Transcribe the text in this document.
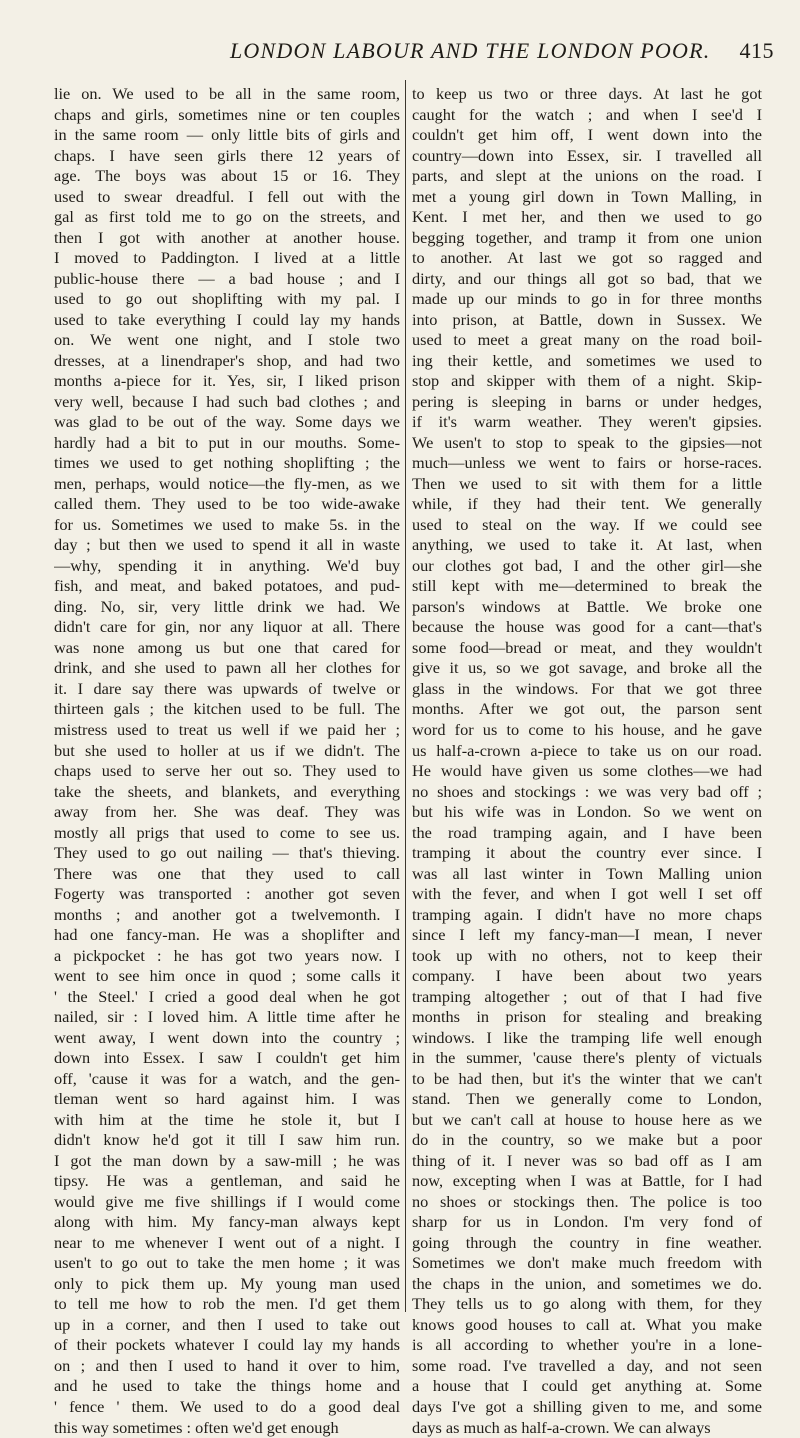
LONDON LABOUR AND THE LONDON POOR. 415
lie on. We used to be all in the same room,
chaps and girls, sometimes nine or ten couples
in the same room — only little bits of girls and
chaps. I have seen girls there 12 years of
age. The boys was about 15 or 16. They
used to swear dreadful. I fell out with the
gal as first told me to go on the streets, and
then I got with another at another house.
I moved to Paddington. I lived at a little
public-house there — a bad house ; and I
used to go out shoplifting with my pal. I
used to take everything I could lay my hands
on. We went one night, and I stole two
dresses, at a linendraper's shop, and had two
months a-piece for it. Yes, sir, I liked prison
very well, because I had such bad clothes ; and
was glad to be out of the way. Some days we
hardly had a bit to put in our mouths. Some-
times we used to get nothing shoplifting ; the
men, perhaps, would notice—the fly-men, as we
called them. They used to be too wide-awake
for us. Sometimes we used to make 5s. in the
day ; but then we used to spend it all in waste
—why, spending it in anything. We'd buy
fish, and meat, and baked potatoes, and pud-
ding. No, sir, very little drink we had. We
didn't care for gin, nor any liquor at all. There
was none among us but one that cared for
drink, and she used to pawn all her clothes for
it. I dare say there was upwards of twelve or
thirteen gals ; the kitchen used to be full. The
mistress used to treat us well if we paid her ;
but she used to holler at us if we didn't. The
chaps used to serve her out so. They used to
take the sheets, and blankets, and everything
away from her. She was deaf. They was
mostly all prigs that used to come to see us.
They used to go out nailing — that's thieving.
There was one that they used to call
Fogerty was transported : another got seven
months ; and another got a twelvemonth. I
had one fancy-man. He was a shoplifter and
a pickpocket : he has got two years now. I
went to see him once in quod ; some calls it
' the Steel.' I cried a good deal when he got
nailed, sir : I loved him. A little time after he
went away, I went down into the country ;
down into Essex. I saw I couldn't get him
off, 'cause it was for a watch, and the gen-
tleman went so hard against him. I was
with him at the time he stole it, but I
didn't know he'd got it till I saw him run.
I got the man down by a saw-mill ; he was
tipsy. He was a gentleman, and said he
would give me five shillings if I would come
along with him. My fancy-man always kept
near to me whenever I went out of a night. I
usen't to go out to take the men home ; it was
only to pick them up. My young man used
to tell me how to rob the men. I'd get them
up in a corner, and then I used to take out
of their pockets whatever I could lay my hands
on ; and then I used to hand it over to him,
and he used to take the things home and
' fence ' them. We used to do a good deal
this way sometimes : often we'd get enough
to keep us two or three days. At last he got
caught for the watch ; and when I see'd I
couldn't get him off, I went down into the
country—down into Essex, sir. I travelled all
parts, and slept at the unions on the road. I
met a young girl down in Town Malling, in
Kent. I met her, and then we used to go
begging together, and tramp it from one union
to another. At last we got so ragged and
dirty, and our things all got so bad, that we
made up our minds to go in for three months
into prison, at Battle, down in Sussex. We
used to meet a great many on the road boil-
ing their kettle, and sometimes we used to
stop and skipper with them of a night. Skip-
pering is sleeping in barns or under hedges,
if it's warm weather. They weren't gipsies.
We usen't to stop to speak to the gipsies—not
much—unless we went to fairs or horse-races.
Then we used to sit with them for a little
while, if they had their tent. We generally
used to steal on the way. If we could see
anything, we used to take it. At last, when
our clothes got bad, I and the other girl—she
still kept with me—determined to break the
parson's windows at Battle. We broke one
because the house was good for a cant—that's
some food—bread or meat, and they wouldn't
give it us, so we got savage, and broke all the
glass in the windows. For that we got three
months. After we got out, the parson sent
word for us to come to his house, and he gave
us half-a-crown a-piece to take us on our road.
He would have given us some clothes—we had
no shoes and stockings : we was very bad off ;
but his wife was in London. So we went on
the road tramping again, and I have been
tramping it about the country ever since. I
was all last winter in Town Malling union
with the fever, and when I got well I set off
tramping again. I didn't have no more chaps
since I left my fancy-man—I mean, I never
took up with no others, not to keep their
company. I have been about two years
tramping altogether ; out of that I had five
months in prison for stealing and breaking
windows. I like the tramping life well enough
in the summer, 'cause there's plenty of victuals
to be had then, but it's the winter that we can't
stand. Then we generally come to London,
but we can't call at house to house here as we
do in the country, so we make but a poor
thing of it. I never was so bad off as I am
now, excepting when I was at Battle, for I had
no shoes or stockings then. The police is too
sharp for us in London. I'm very fond of
going through the country in fine weather.
Sometimes we don't make much freedom with
the chaps in the union, and sometimes we do.
They tells us to go along with them, for they
knows good houses to call at. What you make
is all according to whether you're in a lone-
some road. I've travelled a day, and not seen
a house that I could get anything at. Some
days I've got a shilling given to me, and some
days as much as half-a-crown. We can always
